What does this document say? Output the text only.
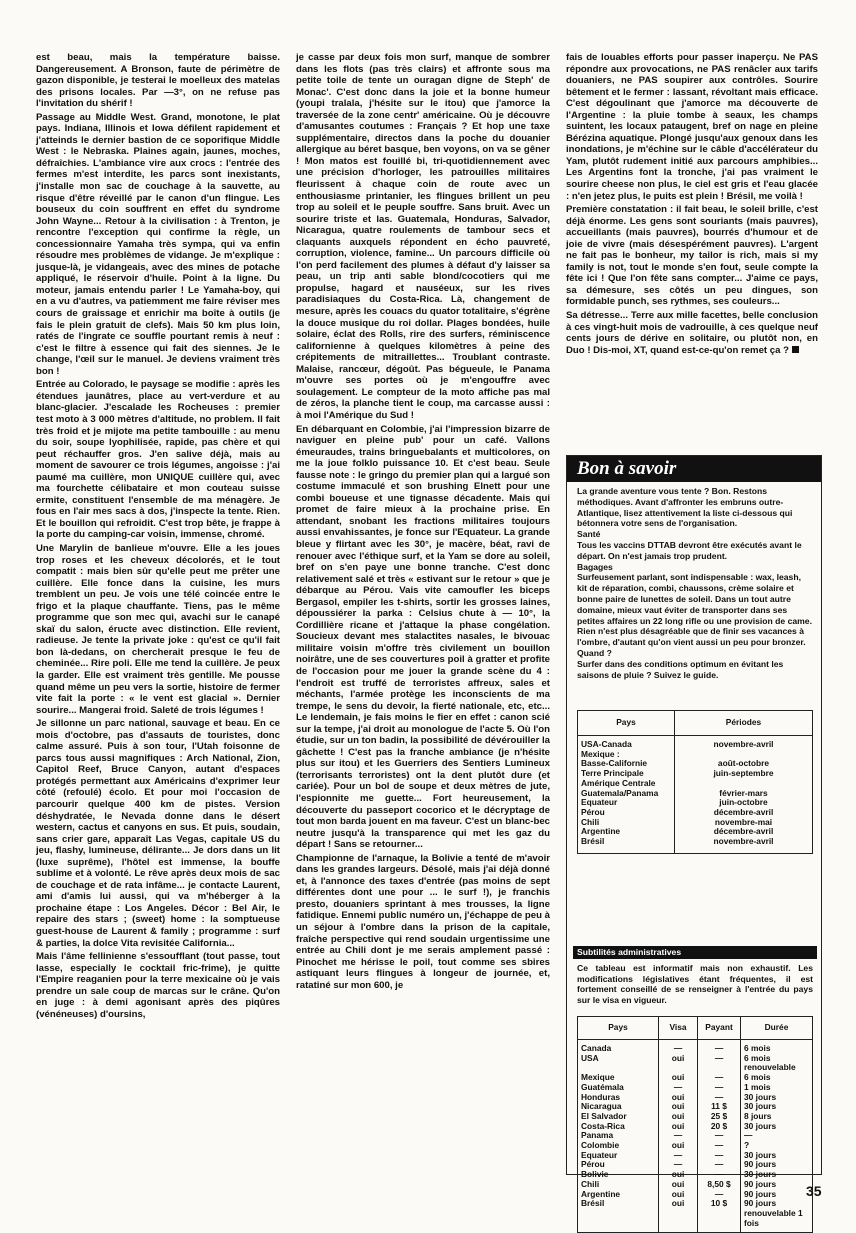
est beau, mais la température baisse. Dangereusement. A Bronson, faute de périmètre de gazon disponible, je testerai le moelleux des matelas des prisons locales. Par —3°, on ne refuse pas l'invitation du shérif !

Passage au Middle West. Grand, monotone, le plat pays. Indiana, Illinois et Iowa défilent rapidement et j'atteinds le dernier bastion de ce soporifique Middle West : le Nebraska. Plaines again, jaunes, moches, défraîchies. L'ambiance vire aux crocs : l'entrée des fermes m'est interdite, les parcs sont inexistants, j'installe mon sac de couchage à la sauvette, au risque d'être réveillé par le canon d'un flingue. Les bouseux du coin souffrent en effet du syndrome John Wayne... Retour à la civilisation : à Trenton, je rencontre l'exception qui confirme la règle, un concessionnaire Yamaha très sympa, qui va enfin résoudre mes problèmes de vidange. Je m'explique : jusque-là, je vidangeais, avec des mines de potache appliqué, le réservoir d'huile. Point à la ligne. Du moteur, jamais entendu parler ! Le Yamaha-boy, qui en a vu d'autres, va patiemment me faire réviser mes cours de graissage et enrichir ma boîte à outils (je fais le plein gratuit de clefs). Mais 50 km plus loin, ratés de l'ingrate ce souffle pourtant remis à neuf : c'est le filtre à essence qui fait des siennes. Je le change, l'œil sur le manuel. Je deviens vraiment très bon !

Entrée au Colorado, le paysage se modifie : après les étendues jaunâtres, place au vert-verdure et au blanc-glacier. J'escalade les Rocheuses : premier test moto à 3 000 mètres d'altitude, no problem. Il fait très froid et je mijote ma petite tambouille : au menu du soir, soupe lyophilisée, rapide, pas chère et qui peut réchauffer gros. J'en salive déjà, mais au moment de savourer ce trois légumes, angoisse : j'ai paumé ma cuillère, mon UNIQUE cuillère qui, avec ma fourchette célibataire et mon couteau suisse ermite, constituent l'ensemble de ma ménagère. Je fous en l'air mes sacs à dos, j'inspecte la tente. Rien. Et le bouillon qui refroidit. C'est trop bête, je frappe à la porte du camping-car voisin, immense, chromé.

Une Marylin de banlieue m'ouvre. Elle a les joues trop roses et les cheveux décolorés, et le tout compatit : mais bien sûr qu'elle peut me prêter une cuillère. Elle fonce dans la cuisine, les murs tremblent un peu. Je vois une télé coincée entre le frigo et la plaque chauffante. Tiens, pas le même programme que son mec qui, avachi sur le canapé skaï du salon, éructe avec distinction. Elle revient, radieuse. Je tente la private joke : qu'est ce qu'il fait bon là-dedans, on chercherait presque le feu de cheminée... Rire poli. Elle me tend la cuillère. Je peux la garder. Elle est vraiment très gentille. Me pousse quand même un peu vers la sortie, histoire de fermer vite fait la porte : « le vent est glacial ». Dernier sourire... Mangerai froid. Saleté de trois légumes !

Je sillonne un parc national, sauvage et beau. En ce mois d'octobre, pas d'assauts de touristes, donc calme assuré. Puis à son tour, l'Utah foisonne de parcs tous aussi magnifiques : Arch National, Zion, Capitol Reef, Bruce Canyon, autant d'espaces protégés permettant aux Américains d'exprimer leur côté (refoulé) écolo. Et pour moi l'occasion de parcourir quelque 400 km de pistes. Version déshydratée, le Nevada donne dans le désert western, cactus et canyons en sus. Et puis, soudain, sans crier gare, apparaît Las Vegas, capitale US du jeu, flashy, lumineuse, délirante... Je dors dans un lit (luxe suprême), l'hôtel est immense, la bouffe sublime et à volonté. Le rêve après deux mois de sac de couchage et de rata infâme... je contacte Laurent, ami d'amis lui aussi, qui va m'héberger à la prochaine étape : Los Angeles. Décor : Bel Air, le repaire des stars ; (sweet) home : la somptueuse guest-house de Laurent & family ; programme : surf & parties, la dolce Vita revisitée California...

Mais l'âme fellinienne s'essoufflant (tout passe, tout lasse, especially le cocktail fric-frime), je quitte l'Empire reaganien pour la terre mexicaine où je vais prendre un sale coup de marcas sur le crâne. Qu'on en juge : à demi agonisant après des piqûres (vénéneuses) d'oursins,

je casse par deux fois mon surf, manque de sombrer dans les flots (pas très clairs) et affronte sous ma petite toile de tente un ouragan digne de Steph' de Monac'. C'est donc dans la joie et la bonne humeur (youpi tralala, j'hésite sur le itou) que j'amorce la traversée de la zone centr' américaine. Où je découvre d'amusantes coutumes : Français ? Et hop une taxe supplémentaire, directos dans la poche du douanier allergique au béret basque, ben voyons, on va se gêner ! Mon matos est fouillé bi, tri-quotidiennement avec une précision d'horloger, les patrouilles militaires fleurissent à chaque coin de route avec un enthousiasme printanier, les flingues brillent un peu trop au soleil et le peuple souffre. Sans bruit. Avec un sourire triste et las. Guatemala, Honduras, Salvador, Nicaragua, quatre roulements de tambour secs et claquants auxquels répondent en écho pauvreté, corruption, violence, famine... Un parcours difficile où l'on perd facilement des plumes à défaut d'y laisser sa peau, un trip anti sable blond/cocotiers qui me propulse, hagard et nauséeux, sur les rives paradisiaques du Costa-Rica. Là, changement de mesure, après les couacs du quator totalitaire, s'égrène la douce musique du roi dollar. Plages bondées, huile solaire, éclat des Rolls, rire des surfers, réminiscence californienne à quelques kilomètres à peine des crépitements de mitraillettes... Troublant contraste. Malaise, rancœur, dégoût. Pas bégueule, le Panama m'ouvre ses portes où je m'engouffre avec soulagement. Le compteur de la moto affiche pas mal de zéros, la planche tient le coup, ma carcasse aussi : à moi l'Amérique du Sud !

En débarquant en Colombie, j'ai l'impression bizarre de naviguer en pleine pub' pour un café. Vallons émeuraudes, trains bringuebalants et multicolores, on me la joue folklo puissance 10. Et c'est beau. Seule fausse note : le gringo du premier plan qui a largué son costume immaculé et son brushing Elnett pour une combi boueuse et une tignasse décadente. Mais qui promet de faire mieux à la prochaine prise. En attendant, snobant les fractions militaires toujours aussi envahissantes, je fonce sur l'Equateur. La grande bleue y flirtant avec les 30°, je macère, béat, ravi de renouer avec l'éthique surf, et la Yam se dore au soleil, bref on s'en paye une bonne tranche. C'est donc relativement salé et très « estivant sur le retour » que je débarque au Pérou. Vais vite camoufler les biceps Bergasol, empiler les t-shirts, sortir les grosses laines, dépoussiérer la parka : Celsius chute à — 10°, la Cordillière ricane et j'attaque la phase congélation. Soucieux devant mes stalactites nasales, le bivouac militaire voisin m'offre très civilement un bouillon noirâtre, une de ses couvertures poil à gratter et profite de l'occasion pour me jouer la grande scène du 4 : l'endroit est truffé de terroristes affreux, sales et méchants, l'armée protège les inconscients de ma trempe, le sens du devoir, la fierté nationale, etc, etc... Le lendemain, je fais moins le fier en effet : canon scié sur la tempe, j'ai droit au monologue de l'acte 5. Où l'on étudie, sur un ton badin, la possibilité de dévérouiller la gâchette ! C'est pas la franche ambiance (je n'hésite plus sur itou) et les Guerriers des Sentiers Lumineux (terrorisants terroristes) ont la dent plutôt dure (et cariée). Pour un bol de soupe et deux mètres de jute, l'espionnite me guette... Fort heureusement, la découverte du passeport cocorico et le décryptage de tout mon barda jouent en ma faveur. C'est un blanc-bec neutre jusqu'à la transparence qui met les gaz du départ ! Sans se retourner...

Championne de l'arnaque, la Bolivie a tenté de m'avoir dans les grandes largeurs. Désolé, mais j'ai déjà donné et, à l'annonce des taxes d'entrée (pas moins de sept différentes dont une pour ... le surf !), je franchis presto, douaniers sprintant à mes trousses, la ligne fatidique. Ennemi public numéro un, j'échappe de peu à un séjour à l'ombre dans la prison de la capitale, fraîche perspective qui rend soudain urgentissime une entrée au Chili dont je me serais amplement passé : Pinochet me hérisse le poil, tout comme ses sbires astiquant leurs flingues à longeur de journée, et, ratatiné sur mon 600, je

fais de louables efforts pour passer inaperçu. Ne PAS répondre aux provocations, ne PAS renâcler aux tarifs douaniers, ne PAS soupirer aux contrôles. Sourire bêtement et le fermer : lassant, révoltant mais efficace. C'est dégoulinant que j'amorce ma découverte de l'Argentine : la pluie tombe à seaux, les champs suintent, les locaux pataugent, bref on nage en pleine Bérézina aquatique. Plongé jusqu'aux genoux dans les inondations, je m'échine sur le câble d'accélérateur du Yam, plutôt rudement initié aux parcours amphibies... Les Argentins font la tronche, j'ai pas vraiment le sourire cheese non plus, le ciel est gris et l'eau glacée : n'en jetez plus, le puits est plein ! Brésil, me voilà !

Première constatation : il fait beau, le soleil brille, c'est déjà énorme. Les gens sont souriants (mais pauvres), accueillants (mais pauvres), bourrés d'humour et de joie de vivre (mais désespérément pauvres). L'argent ne fait pas le bonheur, my tailor is rich, mais si my family is not, tout le monde s'en fout, seule compte la fête ici ! Que l'on fête sans compter... J'aime ce pays, sa démesure, ses côtés un peu dingues, son formidable punch, ses rythmes, ses couleurs...

Sa détresse... Terre aux mille facettes, belle conclusion à ces vingt-huit mois de vadrouille, à ces quelque neuf cents jours de dérive en solitaire, ou plutôt non, en Duo ! Dis-moi, XT, quand est-ce-qu'on remet ça ?

Bon à savoir

La grande aventure vous tente ? Bon. Restons méthodiques. Avant d'affronter les embruns outre-Atlantique, lisez attentivement la liste ci-dessous qui bétonnera votre sens de l'organisation.

Santé

Tous les vaccins DTTAB devront être exécutés avant le départ. On n'est jamais trop prudent.

Bagages

Surfeusement parlant, sont indispensable : wax, leash, kit de réparation, combi, chaussons, crème solaire et bonne paire de lunettes de soleil. Dans un tout autre domaine, mieux vaut éviter de transporter dans ses petites affaires un 22 long rifle ou une provision de came. Rien n'est plus désagréable que de finir ses vacances à l'ombre, d'autant qu'on vient aussi un peu pour bronzer.

Quand ?

Surfer dans des conditions optimum en évitant les saisons de pluie ? Suivez le guide.

Pays	Périodes
USA-Canada	novembre-avril
Mexique :	
Basse-Californie	août-octobre
Terre Principale	juin-septembre
Amérique Centrale	
Guatemala/Panama	février-mars
Equateur	juin-octobre
Pérou	décembre-avril
Chili	novembre-mai
Argentine	décembre-avril
Brésil	novembre-avril
Subtilités administratives
Ce tableau est informatif mais non exhaustif. Les modifications législatives étant fréquentes, il est fortement conseillé de se renseigner à l'entrée du pays sur le visa en vigueur.
Pays	Visa	Payant	Durée
Canada	—	—	6 mois
USA	oui	—	6 mois renouvelable
Mexique	oui	—	6 mois
Guatémala	—	—	1 mois
Honduras	oui	—	30 jours
Nicaragua	oui	11 $	30 jours
El Salvador	oui	25 $	8 jours
Costa-Rica	oui	20 $	30 jours
Panama	—	—	—
Colombie	oui	—	?
Equateur	—	—	30 jours
Pérou	—	—	90 jours
Bolivie	oui	—	30 jours
Chili	oui	8,50 $	90 jours
Argentine	oui	—	90 jours
Brésil	oui	10 $	90 jours renouvelable 1 fois
35
